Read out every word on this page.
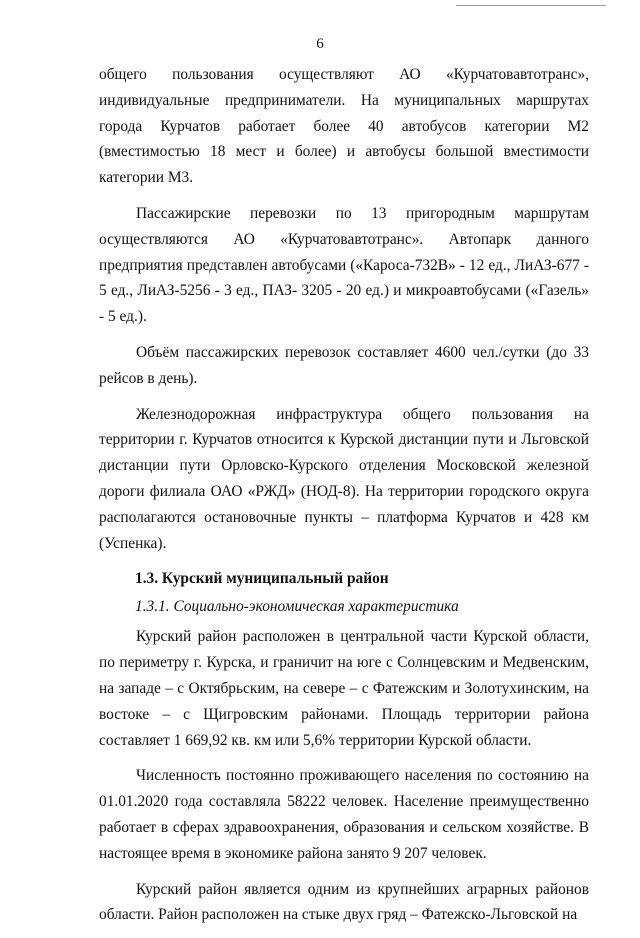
6

общего пользования осуществляют АО «Курчатовавтотранс», индивидуальные предприниматели. На муниципальных маршрутах города Курчатов работает более 40 автобусов категории М2 (вместимостью 18 мест и более) и автобусы большой вместимости категории М3.

Пассажирские перевозки по 13 пригородным маршрутам осуществляются АО «Курчатовавтотранс». Автопарк данного предприятия представлен автобусами («Кароса-732В» - 12 ед., ЛиАЗ-677 - 5 ед., ЛиАЗ-5256 - 3 ед., ПАЗ- 3205 - 20 ед.) и микроавтобусами («Газель» - 5 ед.).

Объём пассажирских перевозок составляет 4600 чел./сутки (до 33 рейсов в день).

Железнодорожная инфраструктура общего пользования на территории г. Курчатов относится к Курской дистанции пути и Льговской дистанции пути Орловско-Курского отделения Московской железной дороги филиала ОАО «РЖД» (НОД-8). На территории городского округа располагаются остановочные пункты – платформа Курчатов и 428 км (Успенка).

1.3. Курский муниципальный район
1.3.1. Социально-экономическая характеристика

Курский район расположен в центральной части Курской области, по периметру г. Курска, и граничит на юге с Солнцевским и Медвенским, на западе – с Октябрьским, на севере – с Фатежским и Золотухинским, на востоке – с Щигровским районами. Площадь территории района составляет 1 669,92 кв. км или 5,6% территории Курской области.

Численность постоянно проживающего населения по состоянию на 01.01.2020 года составляла 58222 человек. Население преимущественно работает в сферах здравоохранения, образования и сельском хозяйстве. В настоящее время в экономике района занято 9 207 человек.

Курский район является одним из крупнейших аграрных районов области. Район расположен на стыке двух гряд – Фатежско-Льговской на
